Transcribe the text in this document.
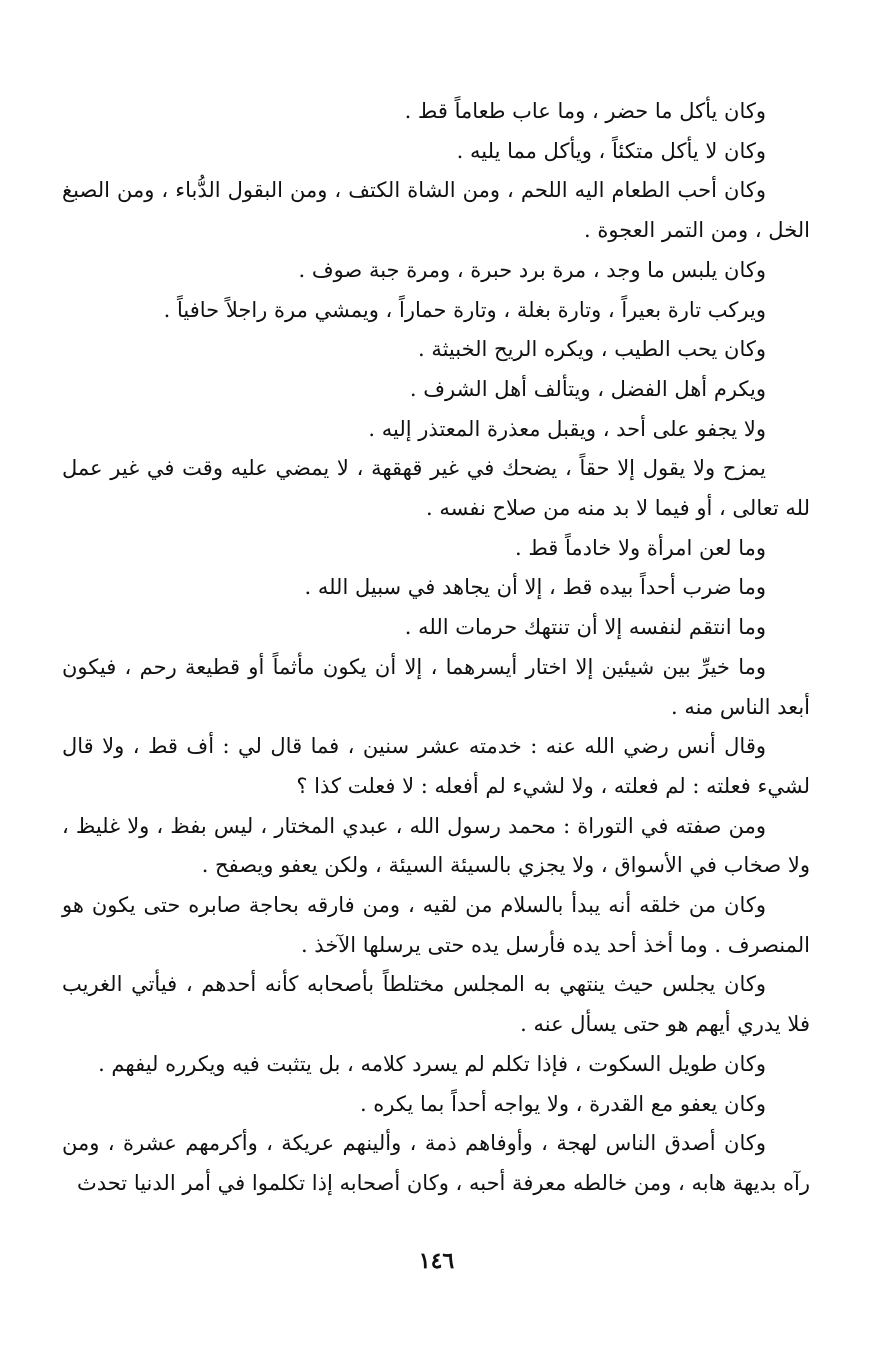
وكان يأكل ما حضر ، وما عاب طعاماً قط .

وكان لا يأكل متكئاً ، ويأكل مما يليه .

وكان أحب الطعام اليه اللحم ، ومن الشاة الكتف ، ومن البقول الدُّباء ، ومن الصبغ الخل ، ومن التمر العجوة .

وكان يلبس ما وجد ، مرة برد حبرة ، ومرة جبة صوف .

ويركب تارة بعيراً ، وتارة بغلة ، وتارة حماراً ، ويمشي مرة راجلاً حافياً .

وكان يحب الطيب ، ويكره الريح الخبيثة .

ويكرم أهل الفضل ، ويتألف أهل الشرف .

ولا يجفو على أحد ، ويقبل معذرة المعتذر إليه .

يمزح ولا يقول إلا حقاً ، يضحك في غير قهقهة ، لا يمضي عليه وقت في غير عمل لله تعالى ، أو فيما لا بد منه من صلاح نفسه .

وما لعن امرأة ولا خادماً قط .

وما ضرب أحداً بيده قط ، إلا أن يجاهد في سبيل الله .

وما انتقم لنفسه إلا أن تنتهك حرمات الله .

وما خيرِّ بين شيئين إلا اختار أيسرهما ، إلا أن يكون مأثماً أو قطيعة رحم ، فيكون أبعد الناس منه .

وقال أنس رضي الله عنه : خدمته عشر سنين ، فما قال لي : أف قط ، ولا قال لشيء فعلته : لم فعلته ، ولا لشيء لم أفعله : لا فعلت كذا ؟

ومن صفته في التوراة : محمد رسول الله ، عبدي المختار ، ليس بفظ ، ولا غليظ ، ولا صخاب في الأسواق ، ولا يجزي بالسيئة السيئة ، ولكن يعفو ويصفح .

وكان من خلقه أنه يبدأ بالسلام من لقيه ، ومن فارقه بحاجة صابره حتى يكون هو المنصرف . وما أخذ أحد يده فأرسل يده حتى يرسلها الآخذ .

وكان يجلس حيث ينتهي به المجلس مختلطاً بأصحابه كأنه أحدهم ، فيأتي الغريب فلا يدري أيهم هو حتى يسأل عنه .

وكان طويل السكوت ، فإذا تكلم لم يسرد كلامه ، بل يتثبت فيه ويكرره ليفهم .

وكان يعفو مع القدرة ، ولا يواجه أحداً بما يكره .

وكان أصدق الناس لهجة ، وأوفاهم ذمة ، وألينهم عريكة ، وأكرمهم عشرة ، ومن رآه بديهة هابه ، ومن خالطه معرفة أحبه ، وكان أصحابه إذا تكلموا في أمر الدنيا تحدث

١٤٦
